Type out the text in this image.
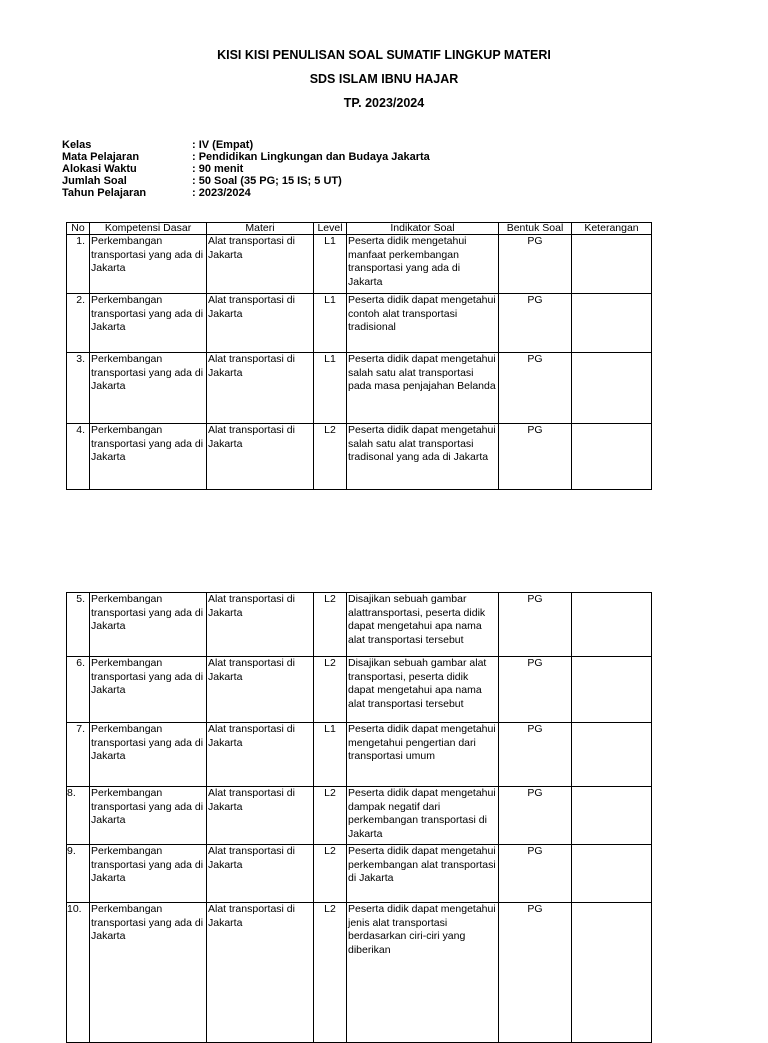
KISI KISI PENULISAN SOAL SUMATIF LINGKUP MATERI
SDS ISLAM IBNU HAJAR
TP. 2023/2024
Kelas	: IV (Empat)
Mata Pelajaran	: Pendidikan Lingkungan dan Budaya Jakarta
Alokasi Waktu	: 90 menit
Jumlah Soal	: 50 Soal (35 PG; 15 IS; 5 UT)
Tahun Pelajaran	: 2023/2024
No	Kompetensi Dasar	Materi	Level	Indikator Soal	Bentuk Soal	Keterangan
1.	Perkembangan transportasi yang ada di Jakarta	Alat transportasi di Jakarta	L1	Peserta didik mengetahui manfaat perkembangan transportasi yang ada di Jakarta	PG	
2.	Perkembangan transportasi yang ada di Jakarta	Alat transportasi di Jakarta	L1	Peserta didik dapat mengetahui contoh alat transportasi tradisional	PG	
3.	Perkembangan transportasi yang ada di Jakarta	Alat transportasi di Jakarta	L1	Peserta didik dapat mengetahui salah satu alat transportasi pada masa penjajahan Belanda	PG	
4.	Perkembangan transportasi yang ada di Jakarta	Alat transportasi di Jakarta	L2	Peserta didik dapat mengetahui salah satu alat transportasi tradisonal yang ada di Jakarta	PG	
5.	Perkembangan transportasi yang ada di Jakarta	Alat transportasi di Jakarta	L2	Disajikan sebuah gambar alattransportasi, peserta didik dapat mengetahui apa nama alat transportasi tersebut	PG	
6.	Perkembangan transportasi yang ada di Jakarta	Alat transportasi di Jakarta	L2	Disajikan sebuah gambar alat transportasi, peserta didik dapat mengetahui apa nama alat transportasi tersebut	PG	
7.	Perkembangan transportasi yang ada di Jakarta	Alat transportasi di Jakarta	L1	Peserta didik dapat mengetahui mengetahui pengertian dari transportasi umum	PG	
8.	Perkembangan transportasi yang ada di Jakarta	Alat transportasi di Jakarta	L2	Peserta didik dapat mengetahui dampak negatif dari perkembangan transportasi di Jakarta	PG	
9.	Perkembangan transportasi yang ada di Jakarta	Alat transportasi di Jakarta	L2	Peserta didik dapat mengetahui perkembangan alat transportasi di Jakarta	PG	
10.	Perkembangan transportasi yang ada di Jakarta	Alat transportasi di Jakarta	L2	Peserta didik dapat mengetahui jenis alat transportasi berdasarkan ciri-ciri yang diberikan	PG	
